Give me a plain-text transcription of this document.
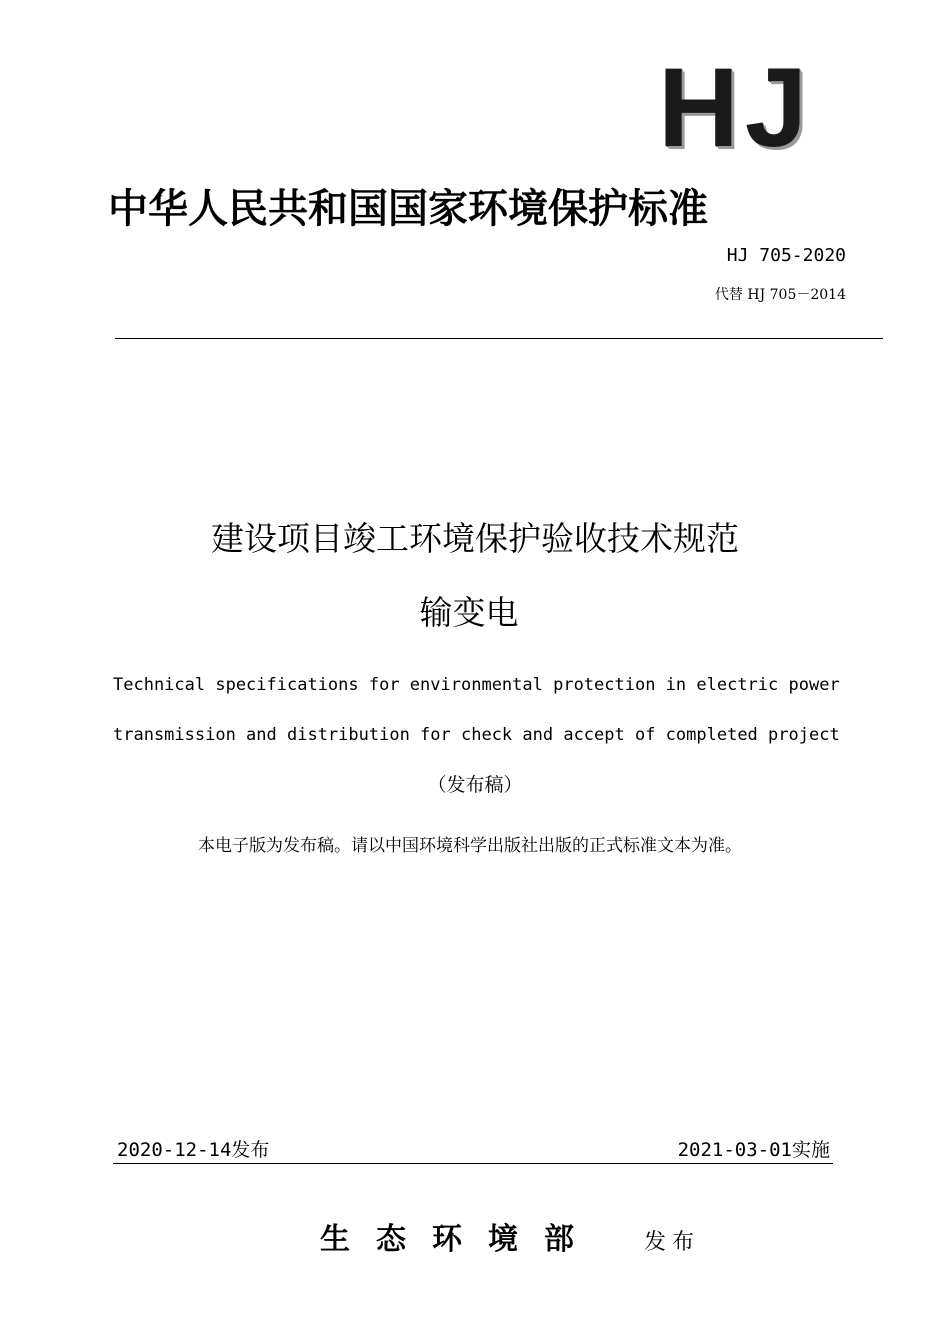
HJ
中华人民共和国国家环境保护标准
HJ 705-2020
代替 HJ 705－2014
建设项目竣工环境保护验收技术规范
输变电
Technical specifications for environmental protection in electric power
transmission and distribution for check and accept of completed project
（发布稿）
本电子版为发布稿。请以中国环境科学出版社出版的正式标准文本为准。
2020-12-14发布	2021-03-01实施
生态环境部 发布
